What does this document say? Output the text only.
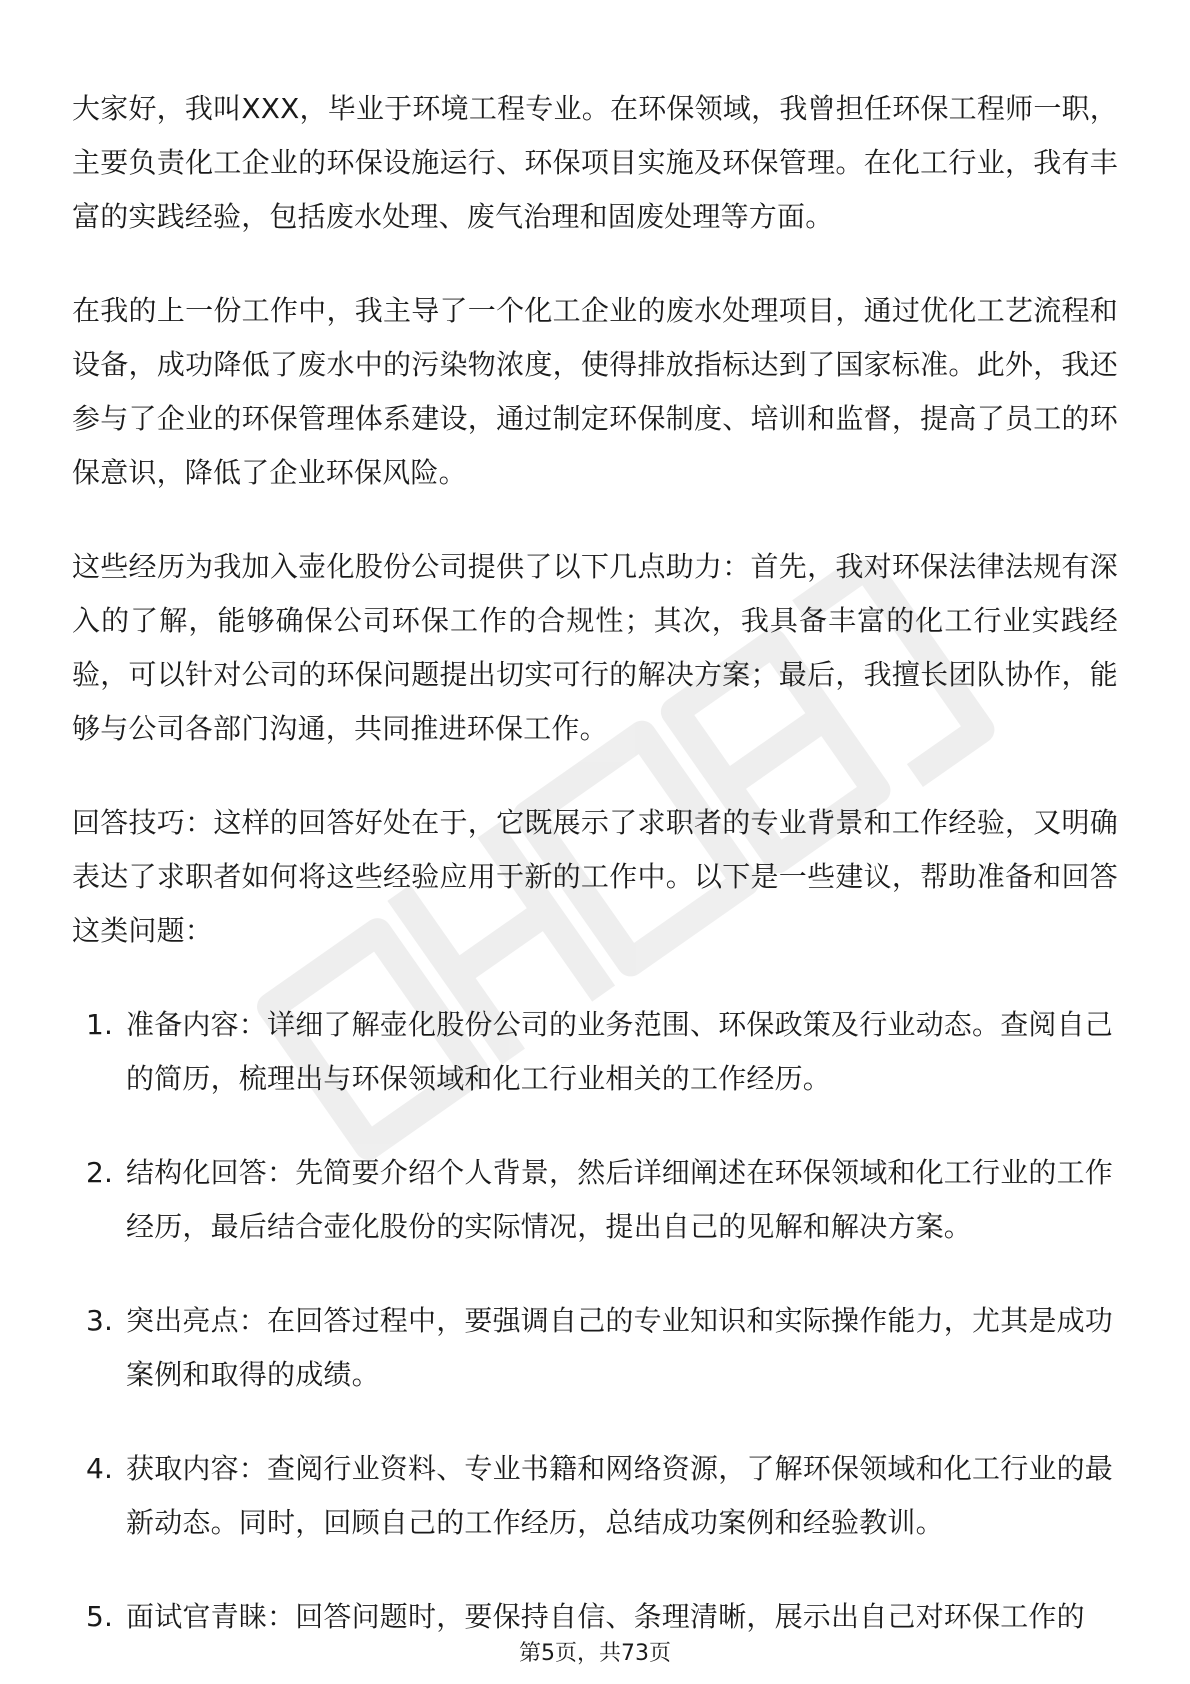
大家好，我叫XXX，毕业于环境工程专业。在环保领域，我曾担任环保工程师一职，主要负责化工企业的环保设施运行、环保项目实施及环保管理。在化工行业，我有丰富的实践经验，包括废水处理、废气治理和固废处理等方面。

在我的上一份工作中，我主导了一个化工企业的废水处理项目，通过优化工艺流程和设备，成功降低了废水中的污染物浓度，使得排放指标达到了国家标准。此外，我还参与了企业的环保管理体系建设，通过制定环保制度、培训和监督，提高了员工的环保意识，降低了企业环保风险。

这些经历为我加入壶化股份公司提供了以下几点助力：首先，我对环保法律法规有深入的了解，能够确保公司环保工作的合规性；其次，我具备丰富的化工行业实践经验，可以针对公司的环保问题提出切实可行的解决方案；最后，我擅长团队协作，能够与公司各部门沟通，共同推进环保工作。

回答技巧：这样的回答好处在于，它既展示了求职者的专业背景和工作经验，又明确表达了求职者如何将这些经验应用于新的工作中。以下是一些建议，帮助准备和回答这类问题：

1. 准备内容：详细了解壶化股份公司的业务范围、环保政策及行业动态。查阅自己的简历，梳理出与环保领域和化工行业相关的工作经历。
2. 结构化回答：先简要介绍个人背景，然后详细阐述在环保领域和化工行业的工作经历，最后结合壶化股份的实际情况，提出自己的见解和解决方案。
3. 突出亮点：在回答过程中，要强调自己的专业知识和实际操作能力，尤其是成功案例和取得的成绩。
4. 获取内容：查阅行业资料、专业书籍和网络资源，了解环保领域和化工行业的最新动态。同时，回顾自己的工作经历，总结成功案例和经验教训。
5. 面试官青睐：回答问题时，要保持自信、条理清晰，展示出自己对环保工作的
第5页，共73页
